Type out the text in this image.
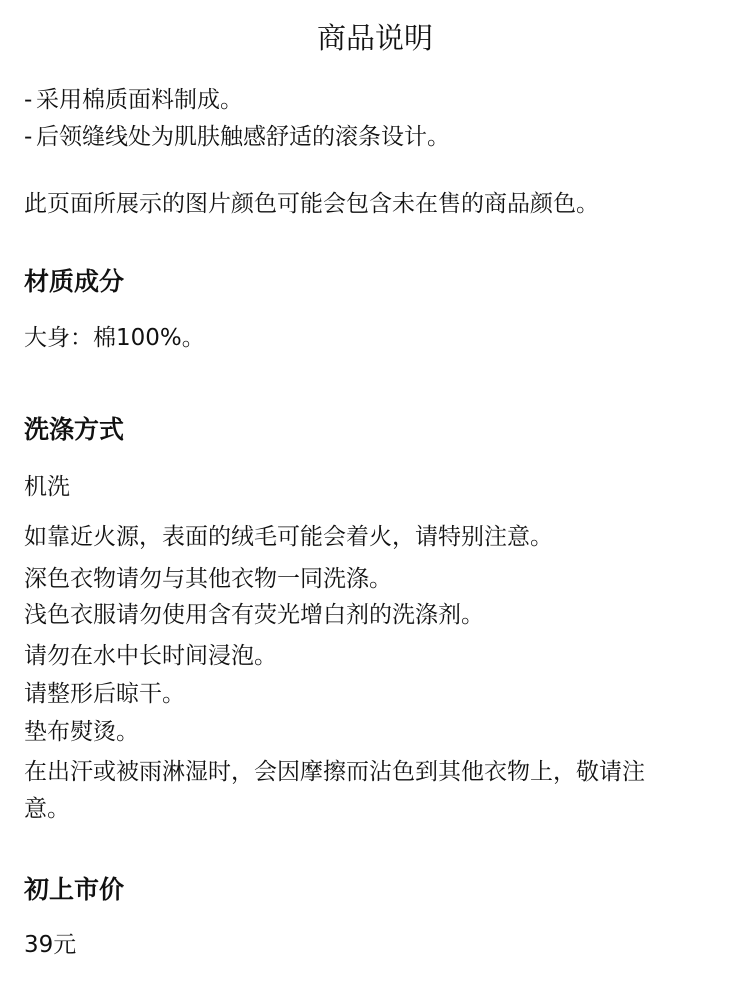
商品说明
- 采用棉质面料制成。
- 后领缝线处为肌肤触感舒适的滚条设计。
此页面所展示的图片颜色可能会包含未在售的商品颜色。
材质成分
大身：棉100%。
洗涤方式
机洗
如靠近火源，表面的绒毛可能会着火，请特别注意。
深色衣物请勿与其他衣物一同洗涤。
浅色衣服请勿使用含有荧光增白剂的洗涤剂。
请勿在水中长时间浸泡。
请整形后晾干。
垫布熨烫。
在出汗或被雨淋湿时，会因摩擦而沾色到其他衣物上，敬请注
意。
初上市价
39元
